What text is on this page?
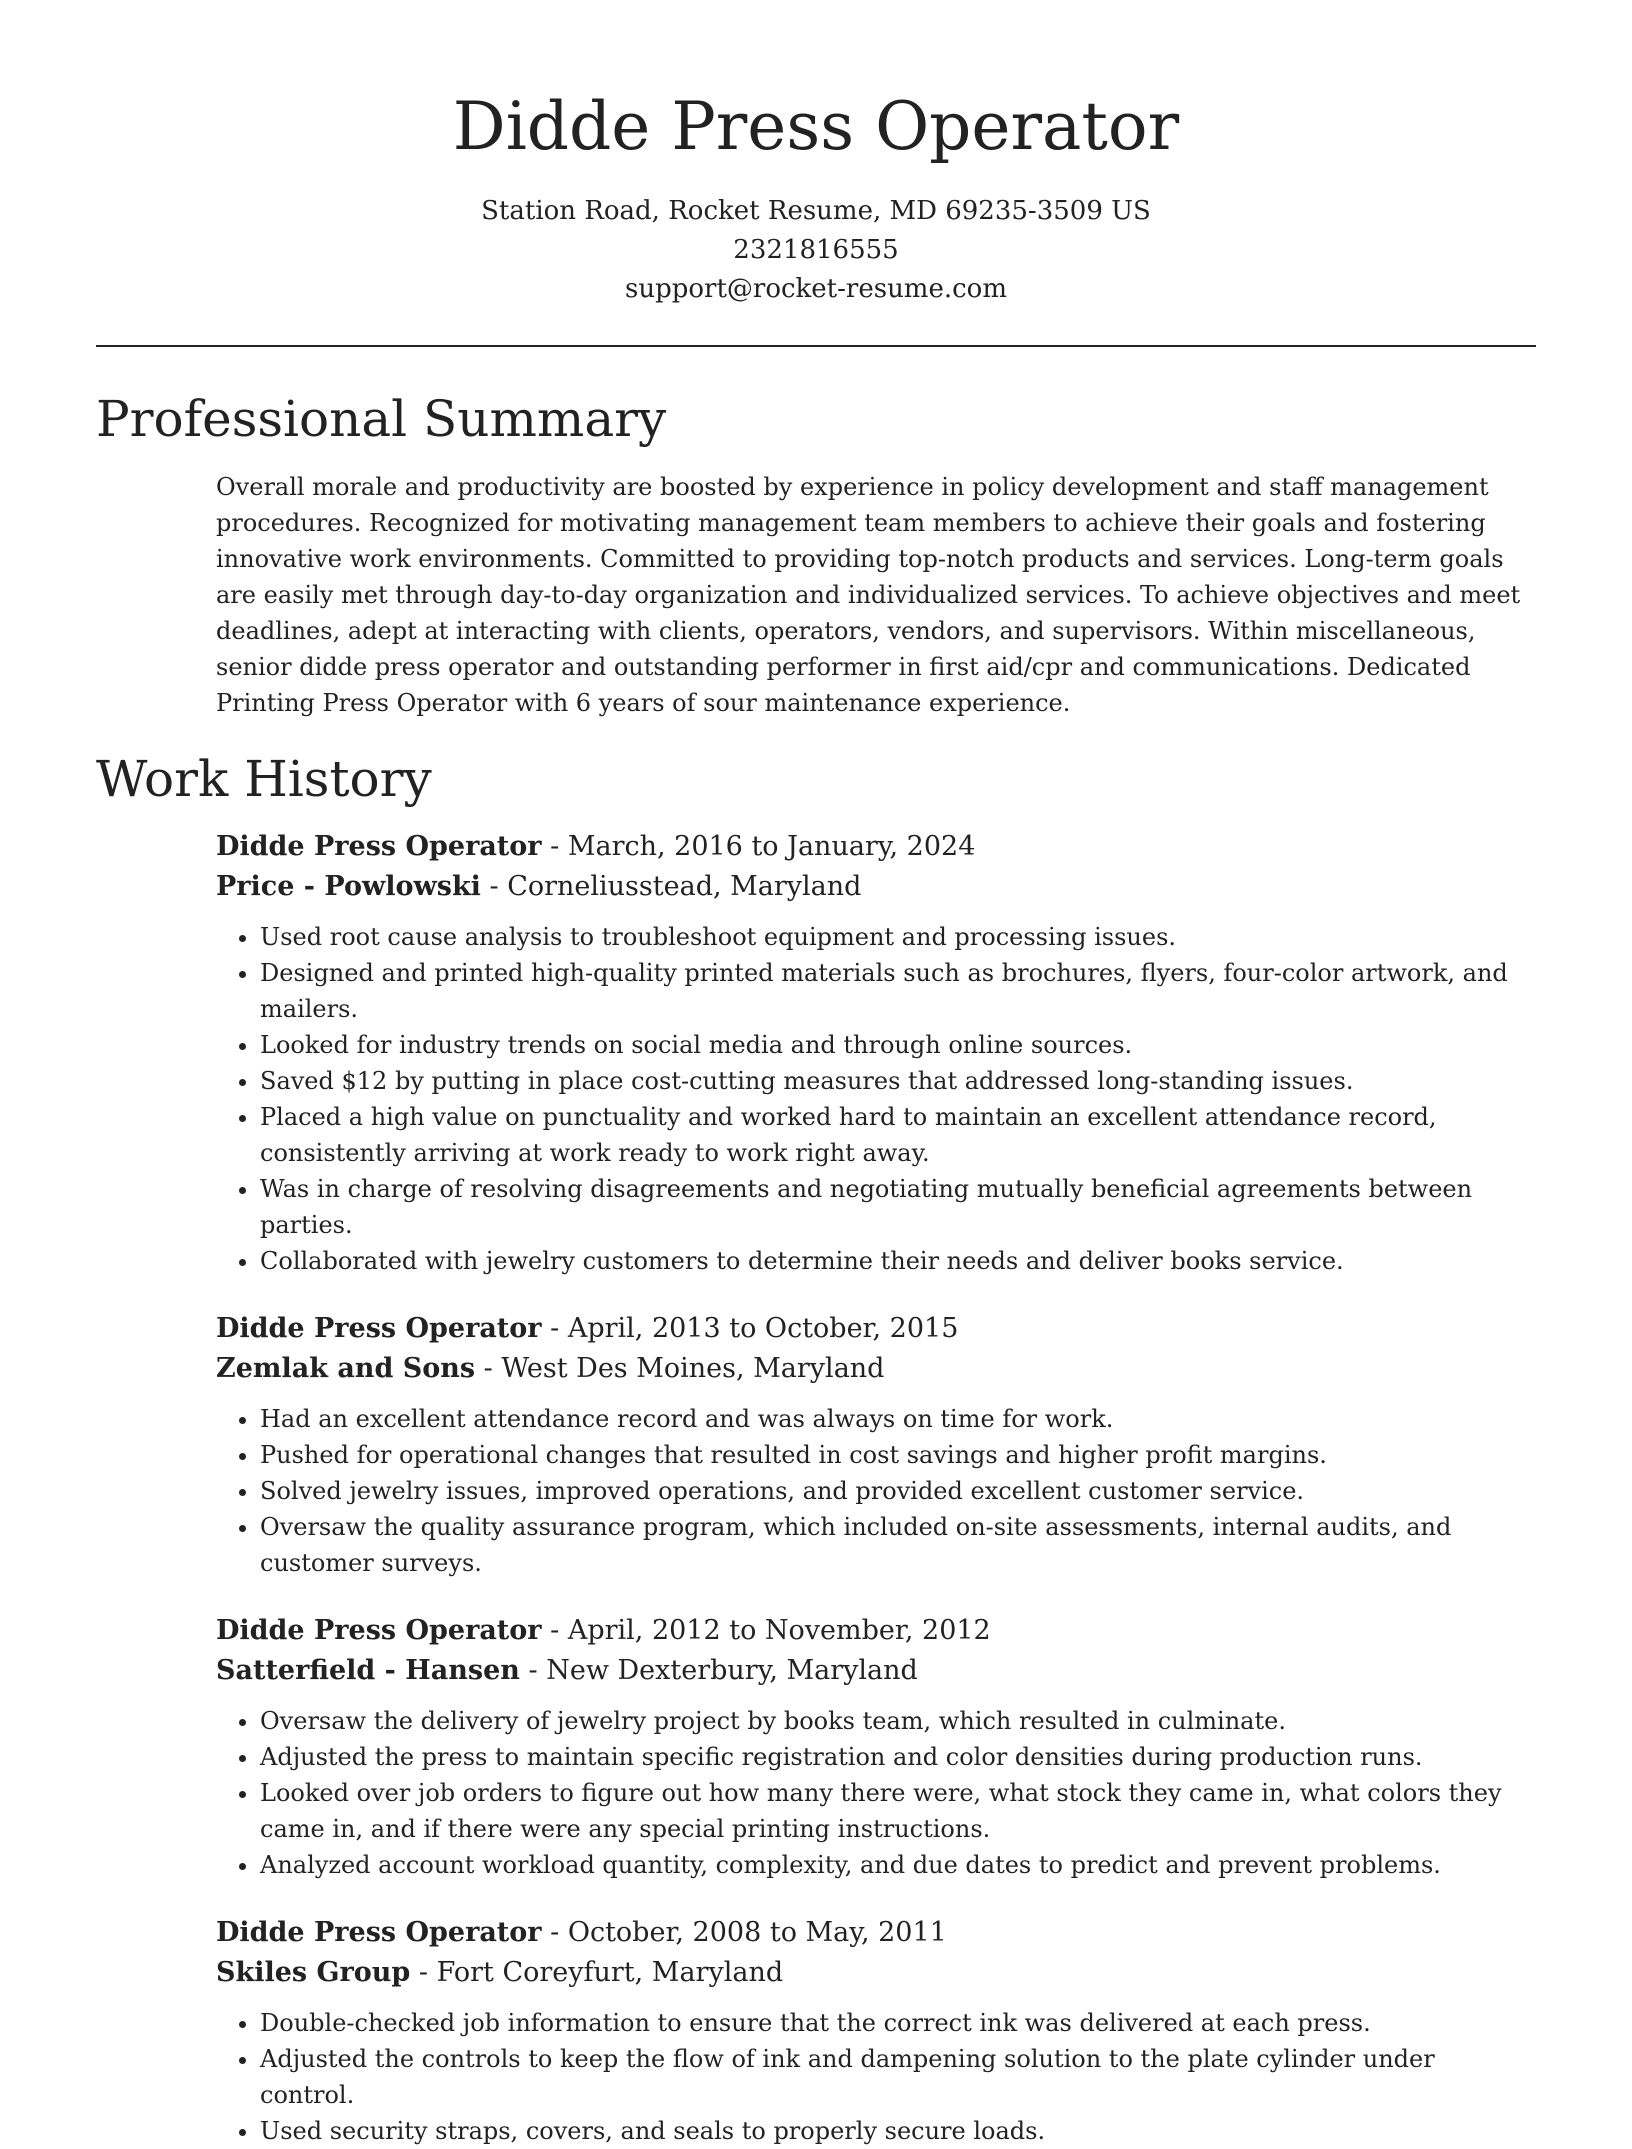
Didde Press Operator
Station Road, Rocket Resume, MD 69235-3509 US
2321816555
support@rocket-resume.com
Professional Summary

Overall morale and productivity are boosted by experience in policy development and staff management procedures. Recognized for motivating management team members to achieve their goals and fostering innovative work environments. Committed to providing top-notch products and services. Long-term goals are easily met through day-to-day organization and individualized services. To achieve objectives and meet deadlines, adept at interacting with clients, operators, vendors, and supervisors. Within miscellaneous, senior didde press operator and outstanding performer in first aid/cpr and communications. Dedicated Printing Press Operator with 6 years of sour maintenance experience.

Work History
Didde Press Operator - March, 2016 to January, 2024
Price - Powlowski - Corneliusstead, Maryland
• Used root cause analysis to troubleshoot equipment and processing issues.
• Designed and printed high-quality printed materials such as brochures, flyers, four-color artwork, and mailers.
• Looked for industry trends on social media and through online sources.
• Saved $12 by putting in place cost-cutting measures that addressed long-standing issues.
• Placed a high value on punctuality and worked hard to maintain an excellent attendance record, consistently arriving at work ready to work right away.
• Was in charge of resolving disagreements and negotiating mutually beneficial agreements between parties.
• Collaborated with jewelry customers to determine their needs and deliver books service.
Didde Press Operator - April, 2013 to October, 2015
Zemlak and Sons - West Des Moines, Maryland
• Had an excellent attendance record and was always on time for work.
• Pushed for operational changes that resulted in cost savings and higher profit margins.
• Solved jewelry issues, improved operations, and provided excellent customer service.
• Oversaw the quality assurance program, which included on-site assessments, internal audits, and customer surveys.
Didde Press Operator - April, 2012 to November, 2012
Satterfield - Hansen - New Dexterbury, Maryland
• Oversaw the delivery of jewelry project by books team, which resulted in culminate.
• Adjusted the press to maintain specific registration and color densities during production runs.
• Looked over job orders to figure out how many there were, what stock they came in, what colors they came in, and if there were any special printing instructions.
• Analyzed account workload quantity, complexity, and due dates to predict and prevent problems.
Didde Press Operator - October, 2008 to May, 2011
Skiles Group - Fort Coreyfurt, Maryland
• Double-checked job information to ensure that the correct ink was delivered at each press.
• Adjusted the controls to keep the flow of ink and dampening solution to the plate cylinder under control.
• Used security straps, covers, and seals to properly secure loads.
